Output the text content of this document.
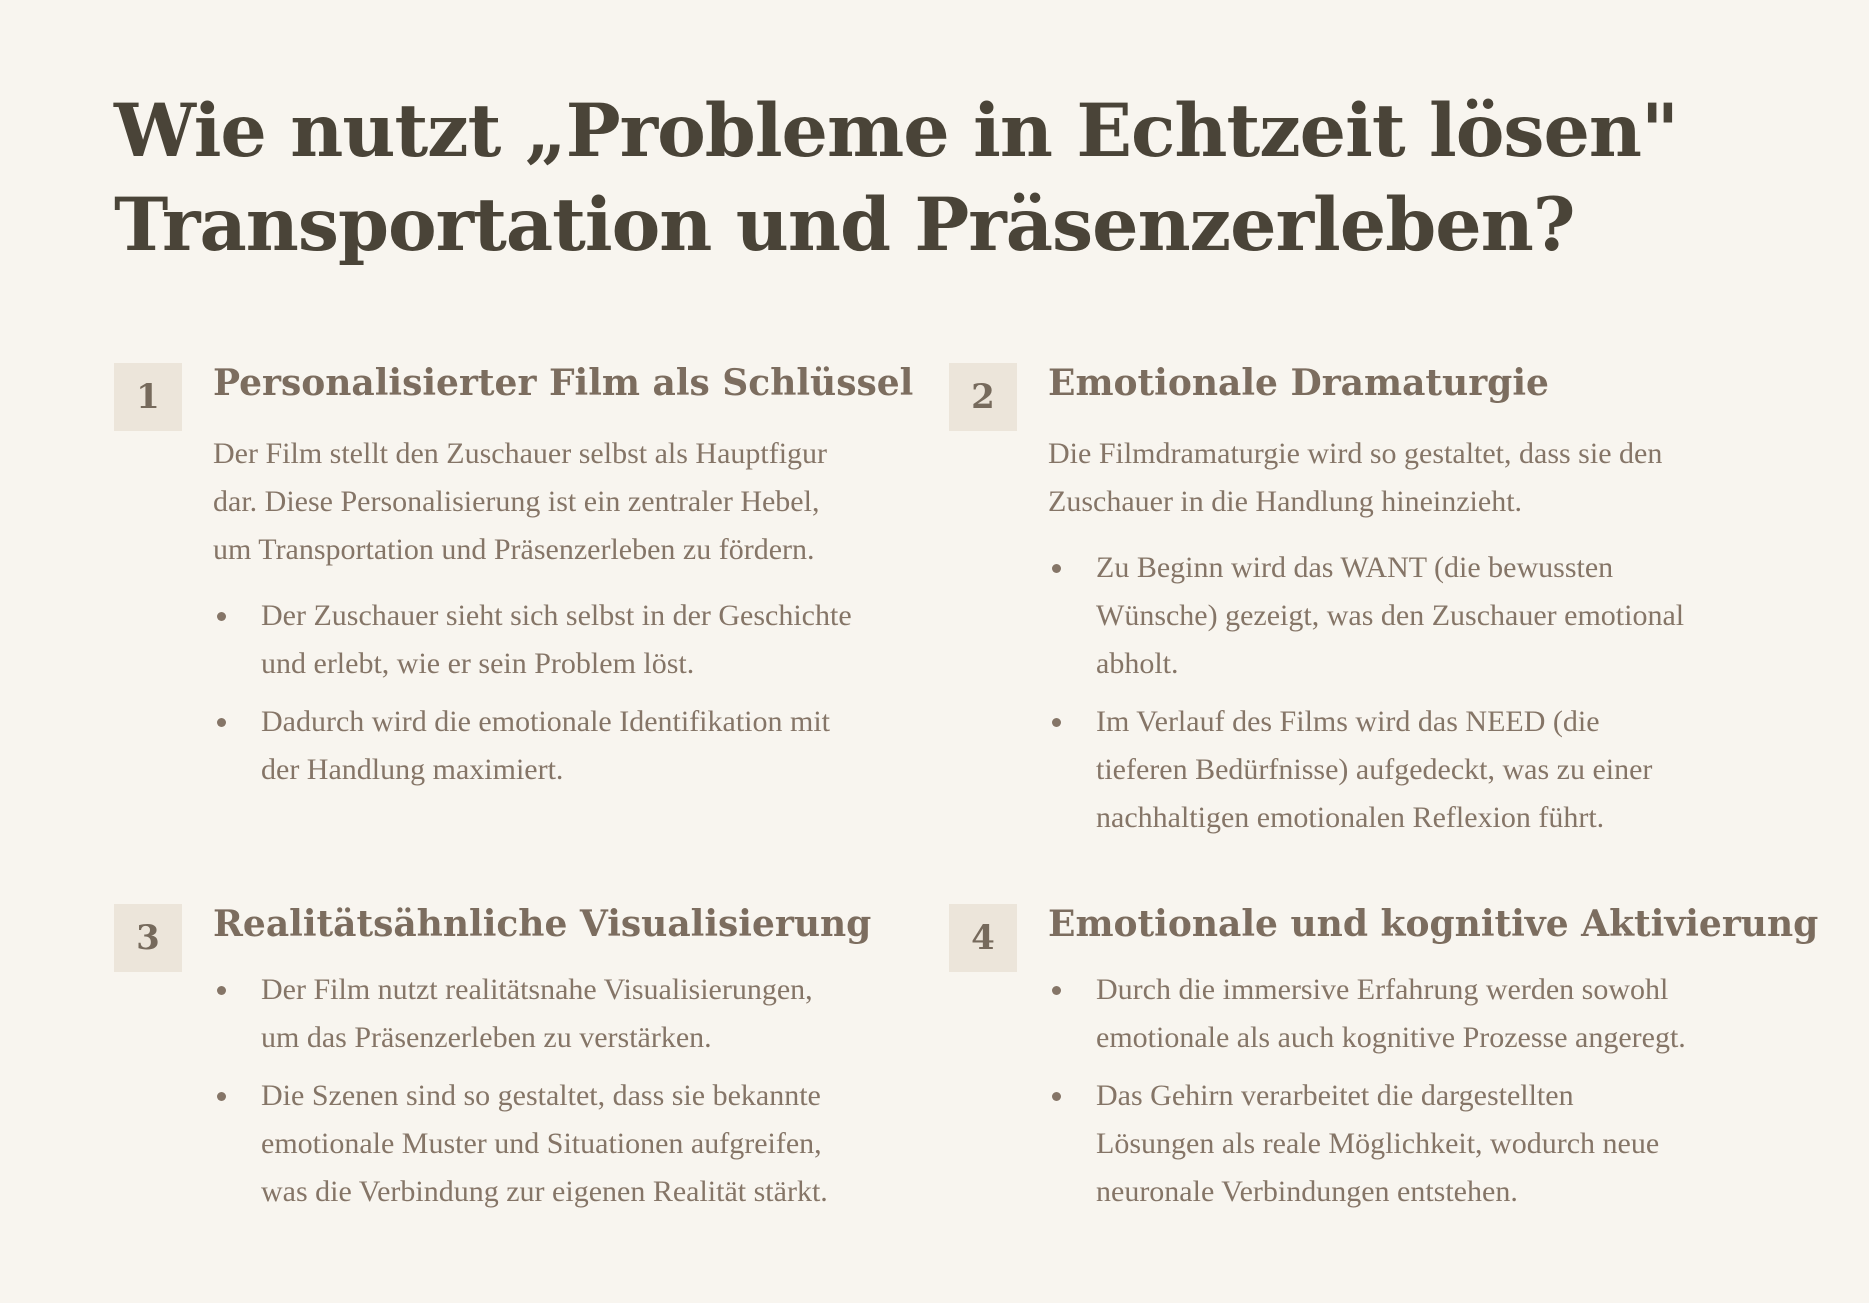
Wie nutzt „Probleme in Echtzeit lösen" Transportation und Präsenzerleben?
1	Personalisierter Film als Schlüssel

Der Film stellt den Zuschauer selbst als Hauptfigur dar. Diese Personalisierung ist ein zentraler Hebel, um Transportation und Präsenzerleben zu fördern.

Der Zuschauer sieht sich selbst in der Geschichte und erlebt, wie er sein Problem löst.
Dadurch wird die emotionale Identifikation mit der Handlung maximiert.
2	Emotionale Dramaturgie

Die Filmdramaturgie wird so gestaltet, dass sie den Zuschauer in die Handlung hineinzieht.

Zu Beginn wird das WANT (die bewussten Wünsche) gezeigt, was den Zuschauer emotional abholt.
Im Verlauf des Films wird das NEED (die tieferen Bedürfnisse) aufgedeckt, was zu einer nachhaltigen emotionalen Reflexion führt.
3	Realitätsähnliche Visualisierung
Der Film nutzt realitätsnahe Visualisierungen, um das Präsenzerleben zu verstärken.
Die Szenen sind so gestaltet, dass sie bekannte emotionale Muster und Situationen aufgreifen, was die Verbindung zur eigenen Realität stärkt.
4	Emotionale und kognitive Aktivierung
Durch die immersive Erfahrung werden sowohl emotionale als auch kognitive Prozesse angeregt.
Das Gehirn verarbeitet die dargestellten Lösungen als reale Möglichkeit, wodurch neue neuronale Verbindungen entstehen.
